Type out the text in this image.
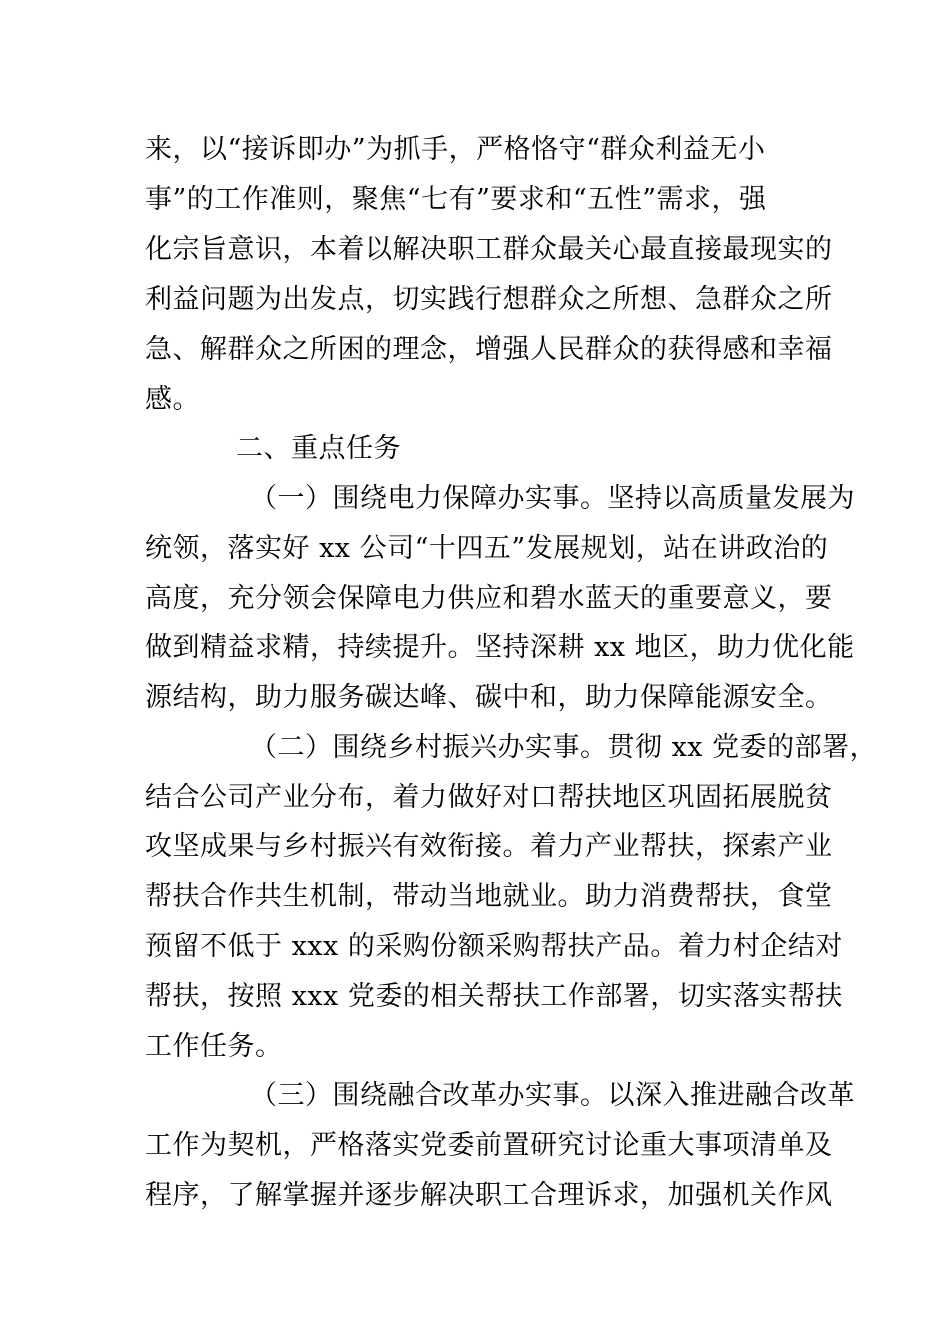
来，以“接诉即办”为抓手，严格恪守“群众利益无小
事”的工作准则，聚焦“七有”要求和“五性”需求，强
化宗旨意识，本着以解决职工群众最关心最直接最现实的
利益问题为出发点，切实践行想群众之所想、急群众之所
急、解群众之所困的理念，增强人民群众的获得感和幸福
感。
二、重点任务
（一）围绕电力保障办实事。坚持以高质量发展为
统领，落实好 xx 公司“十四五”发展规划，站在讲政治的
高度，充分领会保障电力供应和碧水蓝天的重要意义，要
做到精益求精，持续提升。坚持深耕 xx 地区，助力优化能
源结构，助力服务碳达峰、碳中和，助力保障能源安全。
（二）围绕乡村振兴办实事。贯彻 xx 党委的部署，
结合公司产业分布，着力做好对口帮扶地区巩固拓展脱贫
攻坚成果与乡村振兴有效衔接。着力产业帮扶，探索产业
帮扶合作共生机制，带动当地就业。助力消费帮扶，食堂
预留不低于 xxx 的采购份额采购帮扶产品。着力村企结对
帮扶，按照 xxx 党委的相关帮扶工作部署，切实落实帮扶
工作任务。
（三）围绕融合改革办实事。以深入推进融合改革
工作为契机，严格落实党委前置研究讨论重大事项清单及
程序，了解掌握并逐步解决职工合理诉求，加强机关作风
